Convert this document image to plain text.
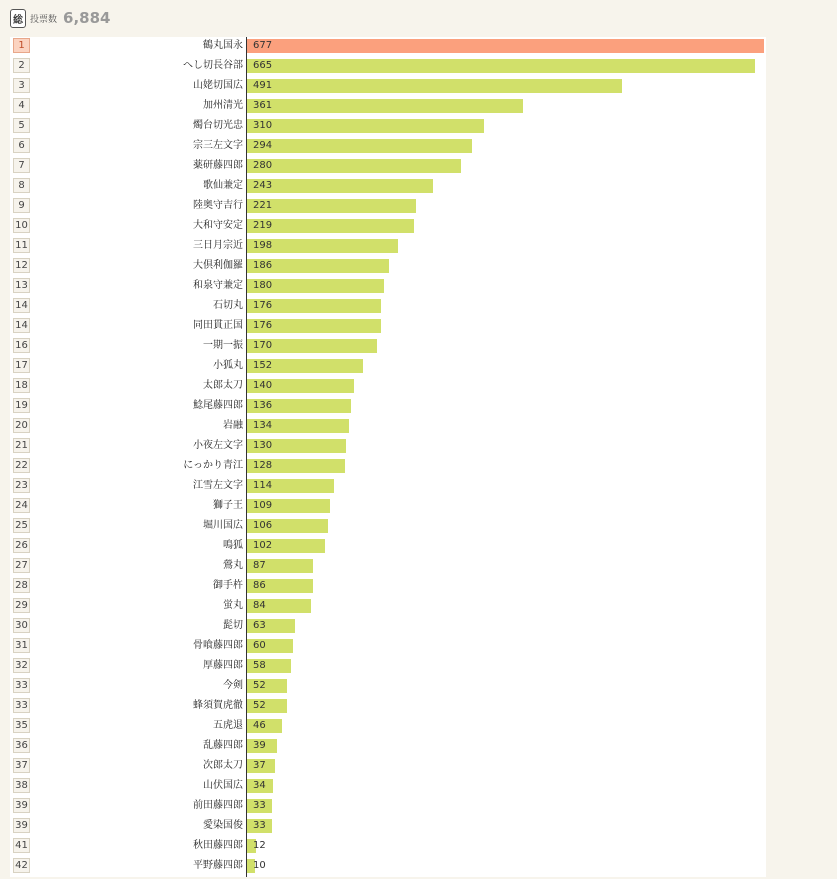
総 投票数 6,884
1	鶴丸国永 677
2	へし切長谷部 665
3	山姥切国広 491
4	加州清光 361
5	燭台切光忠 310
6	宗三左文字 294
7	薬研藤四郎 280
8	歌仙兼定 243
9	陸奥守吉行 221
10	大和守安定 219
11	三日月宗近 198
12	大倶利伽羅 186
13	和泉守兼定 180
14	石切丸 176
14	同田貫正国 176
16	一期一振 170
17	小狐丸 152
18	太郎太刀 140
19	鯰尾藤四郎 136
20	岩融 134
21	小夜左文字 130
22	にっかり青江 128
23	江雪左文字 114
24	獅子王 109
25	堀川国広 106
26	鳴狐 102
27	鶯丸 87
28	御手杵 86
29	蛍丸 84
30	髭切 63
31	骨喰藤四郎 60
32	厚藤四郎 58
33	今剣 52
33	蜂須賀虎徹 52
35	五虎退 46
36	乱藤四郎 39
37	次郎太刀 37
38	山伏国広 34
39	前田藤四郎 33
39	愛染国俊 33
41	秋田藤四郎 12
42	平野藤四郎 10
